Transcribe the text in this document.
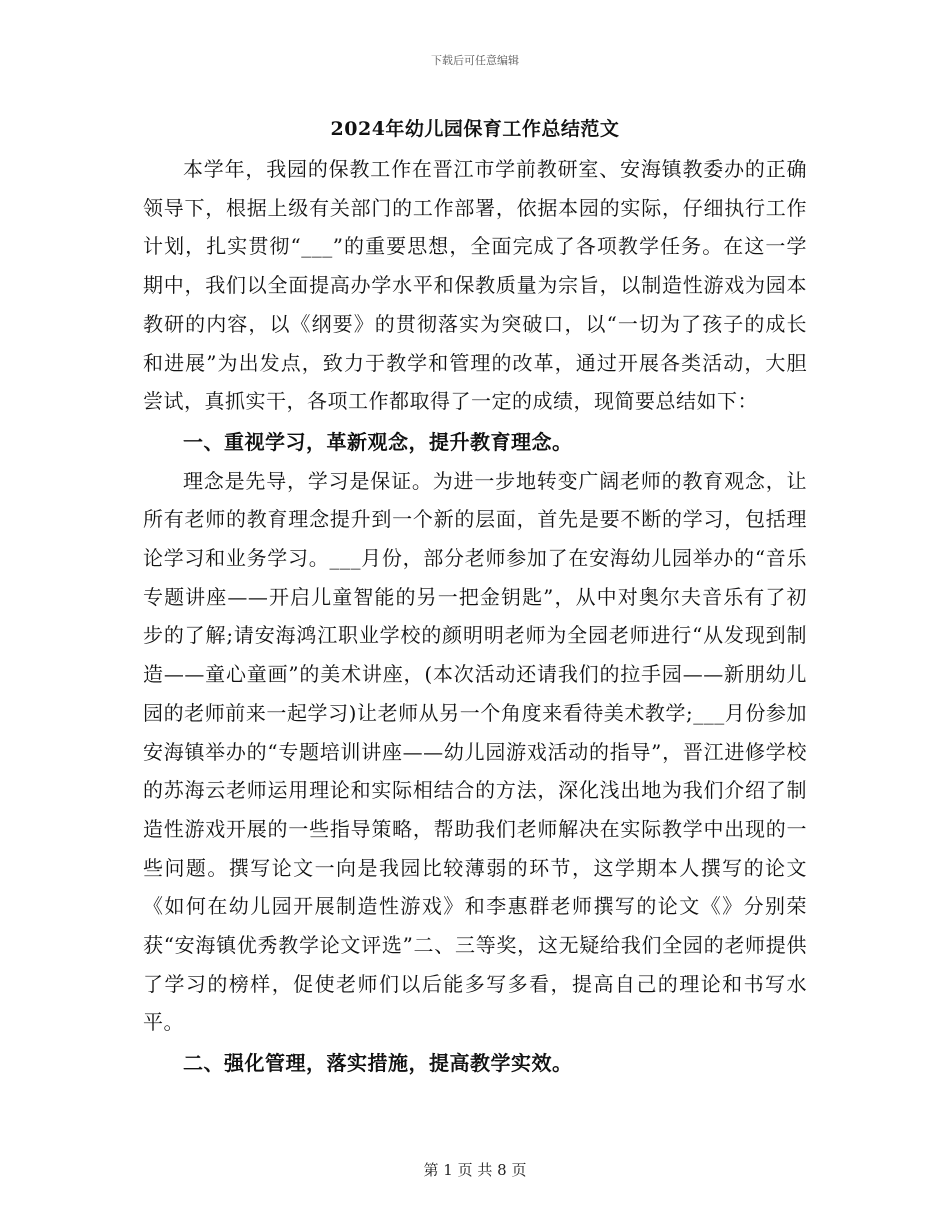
下载后可任意编辑
2024年幼儿园保育工作总结范文

本学年，我园的保教工作在晋江市学前教研室、安海镇教委办的正确领导下，根据上级有关部门的工作部署，依据本园的实际，仔细执行工作计划，扎实贯彻“___”的重要思想，全面完成了各项教学任务。在这一学期中，我们以全面提高办学水平和保教质量为宗旨，以制造性游戏为园本教研的内容，以《纲要》的贯彻落实为突破口，以“一切为了孩子的成长和进展”为出发点，致力于教学和管理的改革，通过开展各类活动，大胆尝试，真抓实干，各项工作都取得了一定的成绩，现简要总结如下：

一、重视学习，革新观念，提升教育理念。

理念是先导，学习是保证。为进一步地转变广阔老师的教育观念，让所有老师的教育理念提升到一个新的层面，首先是要不断的学习，包括理论学习和业务学习。___月份，部分老师参加了在安海幼儿园举办的“音乐专题讲座——开启儿童智能的另一把金钥匙”，从中对奥尔夫音乐有了初步的了解;请安海鸿江职业学校的颜明明老师为全园老师进行“从发现到制造——童心童画”的美术讲座，(本次活动还请我们的拉手园——新朋幼儿园的老师前来一起学习)让老师从另一个角度来看待美术教学;___月份参加安海镇举办的“专题培训讲座——幼儿园游戏活动的指导”，晋江进修学校的苏海云老师运用理论和实际相结合的方法，深化浅出地为我们介绍了制造性游戏开展的一些指导策略，帮助我们老师解决在实际教学中出现的一些问题。撰写论文一向是我园比较薄弱的环节，这学期本人撰写的论文《如何在幼儿园开展制造性游戏》和李惠群老师撰写的论文《》分别荣获“安海镇优秀教学论文评选”二、三等奖，这无疑给我们全园的老师提供了学习的榜样，促使老师们以后能多写多看，提高自己的理论和书写水平。

二、强化管理，落实措施，提高教学实效。

第 1 页 共 8 页
